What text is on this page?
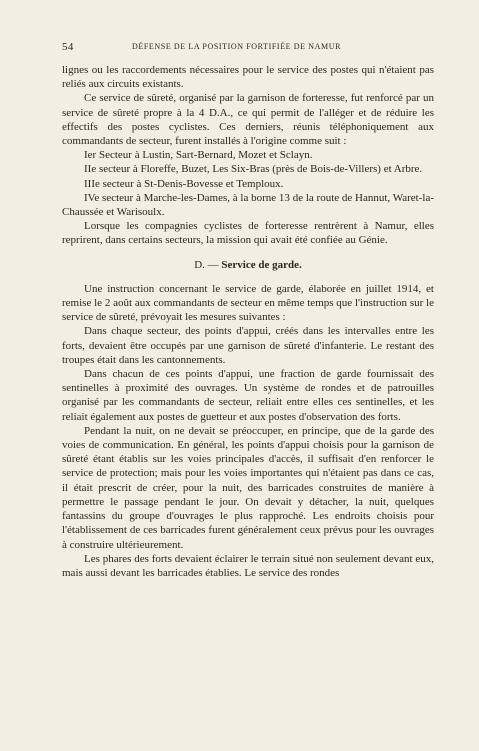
54	DÉFENSE DE LA POSITION FORTIFIÉE DE NAMUR

lignes ou les raccordements nécessaires pour le service des postes qui n'étaient pas reliés aux circuits existants.

Ce service de sûreté, organisé par la garnison de forteresse, fut renforcé par un service de sûreté propre à la 4 D.A., ce qui permit de l'alléger et de réduire les effectifs des postes cyclistes. Ces derniers, réunis téléphoniquement aux commandants de secteur, furent installés à l'origine comme suit :

Ier Secteur à Lustin, Sart-Bernard, Mozet et Sclayn.

IIe secteur à Floreffe, Buzet, Les Six-Bras (près de Bois-de-Villers) et Arbre.

IIIe secteur à St-Denis-Bovesse et Temploux.

IVe secteur à Marche-les-Dames, à la borne 13 de la route de Hannut, Waret-la-Chaussée et Warisoulx.

Lorsque les compagnies cyclistes de forteresse rentrèrent à Namur, elles reprirent, dans certains secteurs, la mission qui avait été confiée au Génie.

D. — Service de garde.

Une instruction concernant le service de garde, élaborée en juillet 1914, et remise le 2 août aux commandants de secteur en même temps que l'instruction sur le service de sûreté, prévoyait les mesures suivantes :

Dans chaque secteur, des points d'appui, créés dans les intervalles entre les forts, devaient être occupés par une garnison de sûreté d'infanterie. Le restant des troupes était dans les cantonnements.

Dans chacun de ces points d'appui, une fraction de garde fournissait des sentinelles à proximité des ouvrages. Un système de rondes et de patrouilles organisé par les commandants de secteur, reliait entre elles ces sentinelles, et les reliait également aux postes de guetteur et aux postes d'observation des forts.

Pendant la nuit, on ne devait se préoccuper, en principe, que de la garde des voies de communication. En général, les points d'appui choisis pour la garnison de sûreté étant établis sur les voies principales d'accès, il suffisait d'en renforcer le service de protection; mais pour les voies importantes qui n'étaient pas dans ce cas, il était prescrit de créer, pour la nuit, des barricades construites de manière à permettre le passage pendant le jour. On devait y détacher, la nuit, quelques fantassins du groupe d'ouvrages le plus rapproché. Les endroits choisis pour l'établissement de ces barricades furent généralement ceux prévus pour les ouvrages à construire ultérieurement.

Les phares des forts devaient éclairer le terrain situé non seulement devant eux, mais aussi devant les barricades établies. Le service des rondes
